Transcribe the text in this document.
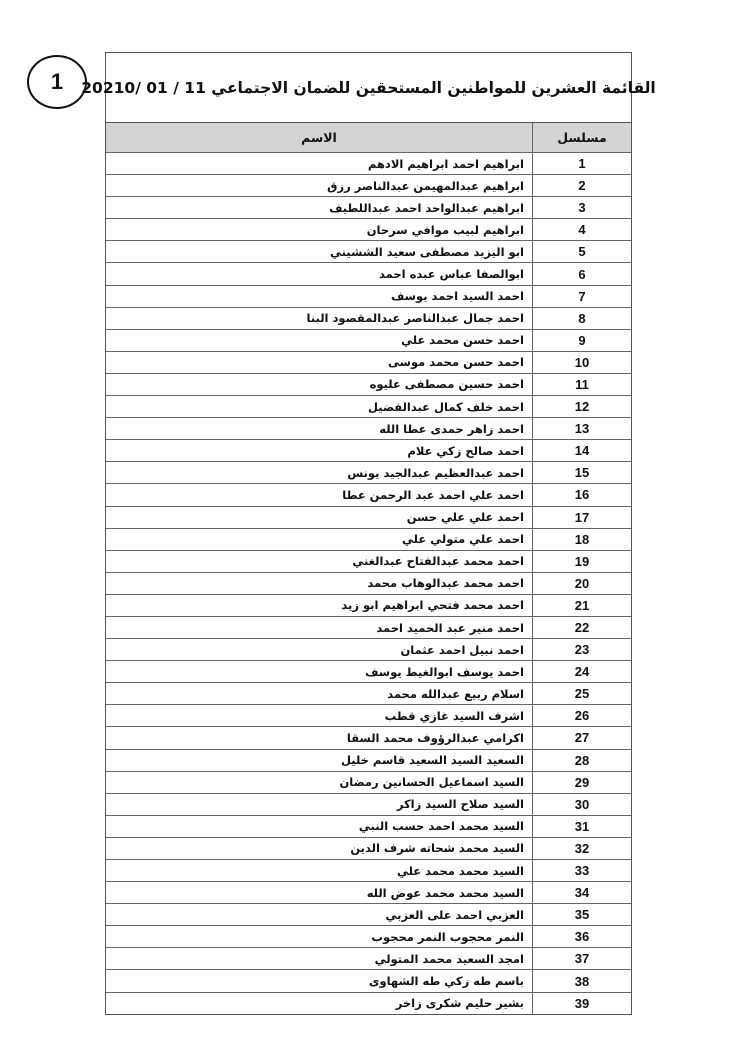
1 القائمة العشرين للمواطنين المستحقين للضمان الاجتماعي 11 / 01 /20210
مسلسل	الاسم
1	ابراهيم احمد ابراهيم الادهم
2	ابراهيم عبدالمهيمن عبدالناصر رزق
3	ابراهيم عبدالواحد احمد عبداللطيف
4	ابراهيم لبيب موافي سرحان
5	ابو اليزيد مصطفى سعيد الششيني
6	ابوالصفا عباس عبده احمد
7	احمد السيد احمد يوسف
8	احمد جمال عبدالناصر عبدالمقصود البنا
9	احمد حسن محمد علي
10	احمد حسن محمد موسى
11	احمد حسين مصطفى عليوه
12	احمد خلف كمال عبدالفضيل
13	احمد زاهر حمدى عطا الله
14	احمد صالح زكي علام
15	احمد عبدالعظيم عبدالجيد يونس
16	احمد علي احمد عبد الرحمن عطا
17	احمد علي علي حسن
18	احمد علي متولي علي
19	احمد محمد عبدالفتاح عبدالغني
20	احمد محمد عبدالوهاب محمد
21	احمد محمد فتحي ابراهيم ابو زيد
22	احمد منير عبد الحميد احمد
23	احمد نبيل احمد عثمان
24	احمد يوسف ابوالغيط يوسف
25	اسلام ربيع عبدالله محمد
26	اشرف السيد غازي قطب
27	اكرامي عبدالرؤوف محمد السقا
28	السعيد السيد السعيد قاسم خليل
29	السيد اسماعيل الحسانين رمضان
30	السيد صلاح السيد زاكر
31	السيد محمد احمد حسب النبي
32	السيد محمد شحاته شرف الدين
33	السيد محمد محمد علي
34	السيد محمد محمد عوض الله
35	العزبي احمد على العزبي
36	النمر محجوب النمر محجوب
37	امجد السعيد محمد المتولي
38	باسم طه زكي طه الشهاوى
39	بشير حليم شكرى زاخر
